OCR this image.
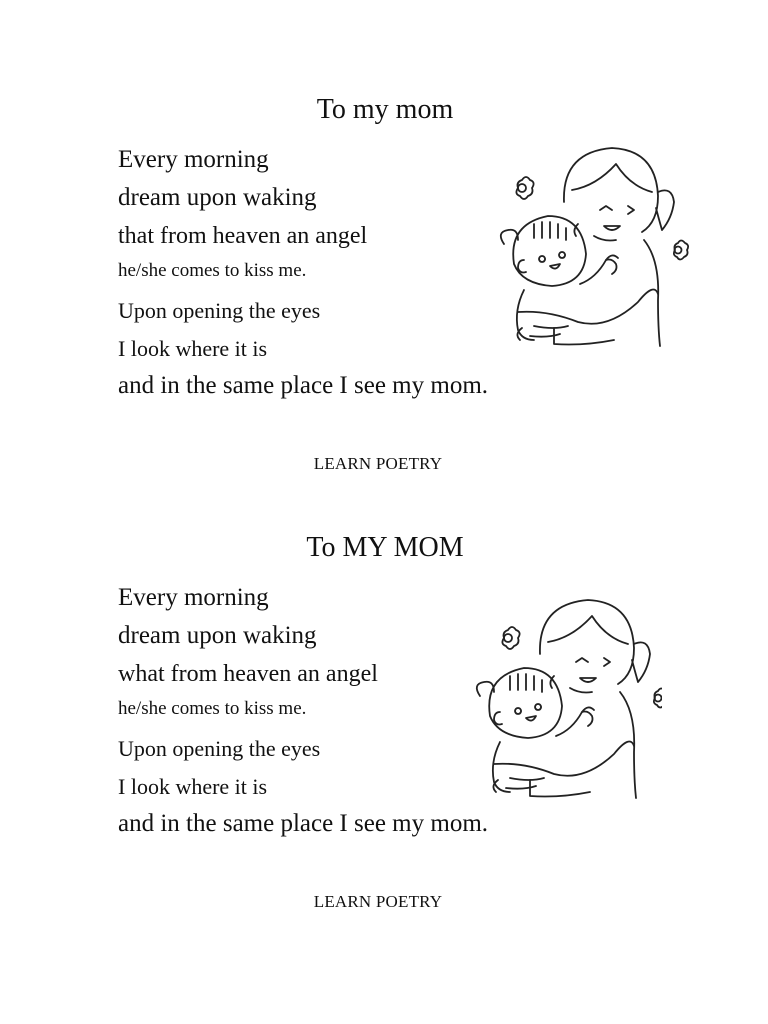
To my mom

Every morning

dream upon waking

that from heaven an angel

he/she comes to kiss me.

Upon opening the eyes

I look where it is

and in the same place I see my mom.

LEARN POETRY

To MY MOM

Every morning

dream upon waking

what from heaven an angel

he/she comes to kiss me.

Upon opening the eyes

I look where it is

and in the same place I see my mom.

LEARN POETRY
